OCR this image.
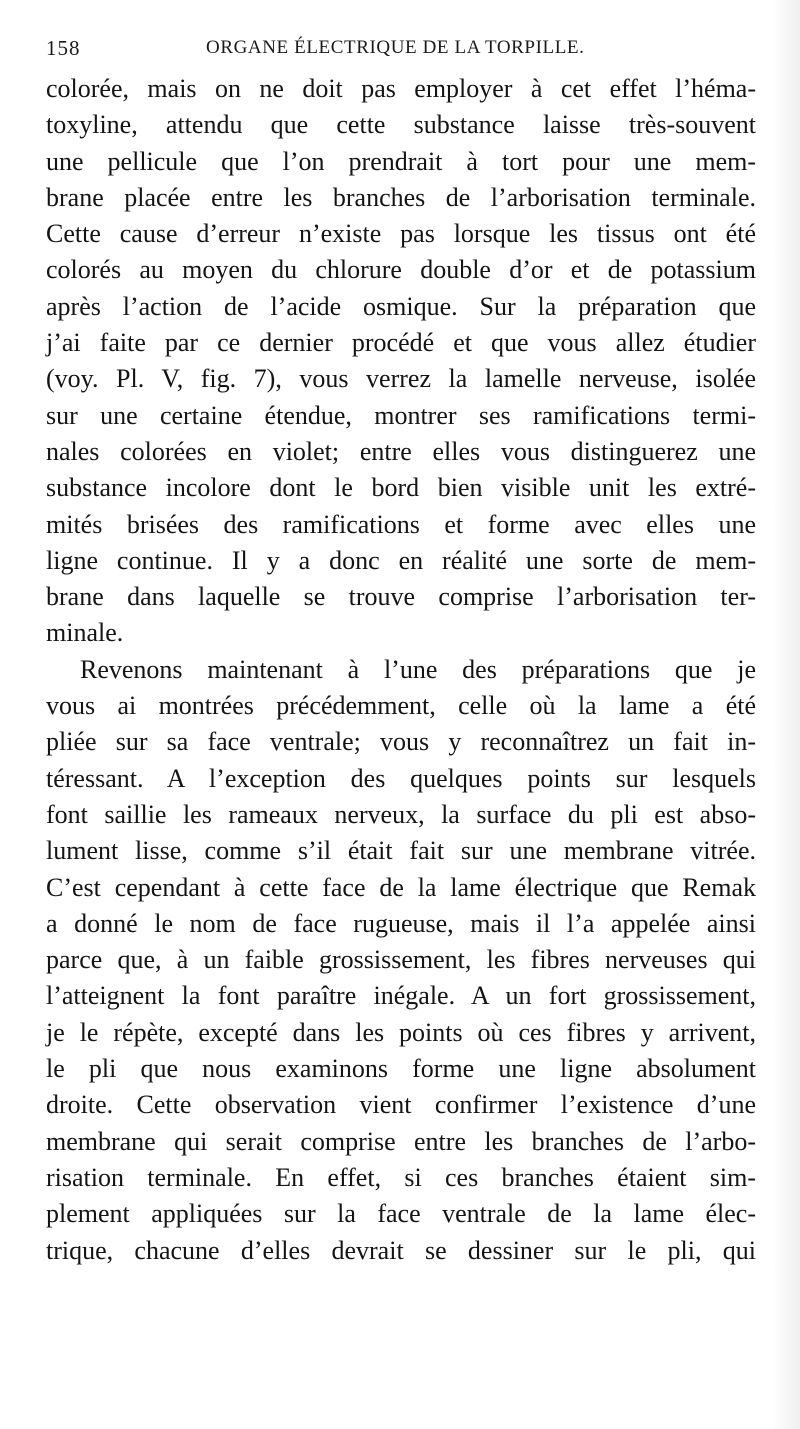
158	ORGANE ÉLECTRIQUE DE LA TORPILLE.
colorée, mais on ne doit pas employer à cet effet l’héma-
toxyline, attendu que cette substance laisse très-souvent
une pellicule que l’on prendrait à tort pour une mem-
brane placée entre les branches de l’arborisation terminale.
Cette cause d’erreur n’existe pas lorsque les tissus ont été
colorés au moyen du chlorure double d’or et de potassium
après l’action de l’acide osmique. Sur la préparation que
j’ai faite par ce dernier procédé et que vous allez étudier
(voy. Pl. V, fig. 7), vous verrez la lamelle nerveuse, isolée
sur une certaine étendue, montrer ses ramifications termi-
nales colorées en violet; entre elles vous distinguerez une
substance incolore dont le bord bien visible unit les extré-
mités brisées des ramifications et forme avec elles une
ligne continue. Il y a donc en réalité une sorte de mem-
brane dans laquelle se trouve comprise l’arborisation ter-
minale.
Revenons maintenant à l’une des préparations que je
vous ai montrées précédemment, celle où la lame a été
pliée sur sa face ventrale; vous y reconnaîtrez un fait in-
téressant. A l’exception des quelques points sur lesquels
font saillie les rameaux nerveux, la surface du pli est abso-
lument lisse, comme s’il était fait sur une membrane vitrée.
C’est cependant à cette face de la lame électrique que Remak
a donné le nom de face rugueuse, mais il l’a appelée ainsi
parce que, à un faible grossissement, les fibres nerveuses qui
l’atteignent la font paraître inégale. A un fort grossissement,
je le répète, excepté dans les points où ces fibres y arrivent,
le pli que nous examinons forme une ligne absolument
droite. Cette observation vient confirmer l’existence d’une
membrane qui serait comprise entre les branches de l’arbo-
risation terminale. En effet, si ces branches étaient sim-
plement appliquées sur la face ventrale de la lame élec-
trique, chacune d’elles devrait se dessiner sur le pli, qui
